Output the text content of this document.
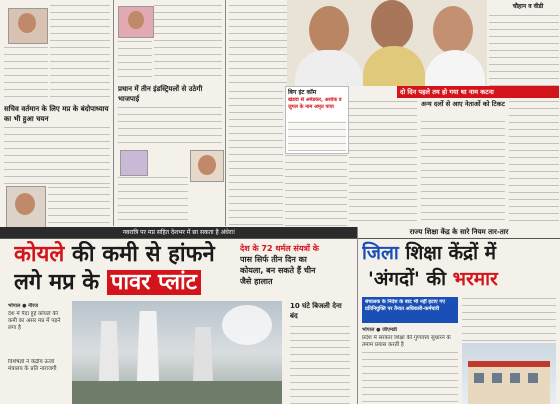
सचिव वर्तमान के लिए मप्र के बंदोपाध्याय का भी हुआ चयन
प्रधान में तीन इंडस्ट्रियलों से उठेगी भाजपाई
चौहान व वीडी
बिग इंट कॉम
खंडवा से अमेडकर, अशोक व जुगल के नाम अमृत पाया
दो दिन पहले तय हो गया था नाम कटना
अन्य दलों से आए नेताओं को टिकट
नवरात्रि पर मप्र सहित देशभर में छा सकता है अंधेरा!
कोयले की कमी से हांफने
लगे मप्र के पावर प्लांट
देश के 72 थर्मल संयत्रों के
पास सिर्फ तीन दिन का
कोयला, बन सकते हैं चीन
जैसे हालात
भोपाल ● नीरज
देश में पैदा हुई कोयले की कमी का असर मप्र में पड़ने लगा है
विशेषज्ञों ने केंद्रीय ऊर्जा मंत्रालय के प्रति नाराजगी
10 घंटे बिजली देना बंद
राज्य शिक्षा केंद्र के सारे नियम तार-तार
जिला शिक्षा केंद्रों में
'अंगदों' की भरमार
संचालक के निर्देश के बाद भी नहीं हटाए गए प्रतिनियुक्ति पर तैनात अधिकारी-कर्मचारी
भोपाल ● जीएमडी
प्रदेश में सरकार शिक्षा की गुणवत्ता सुधारने के तमाम प्रयास करती है
